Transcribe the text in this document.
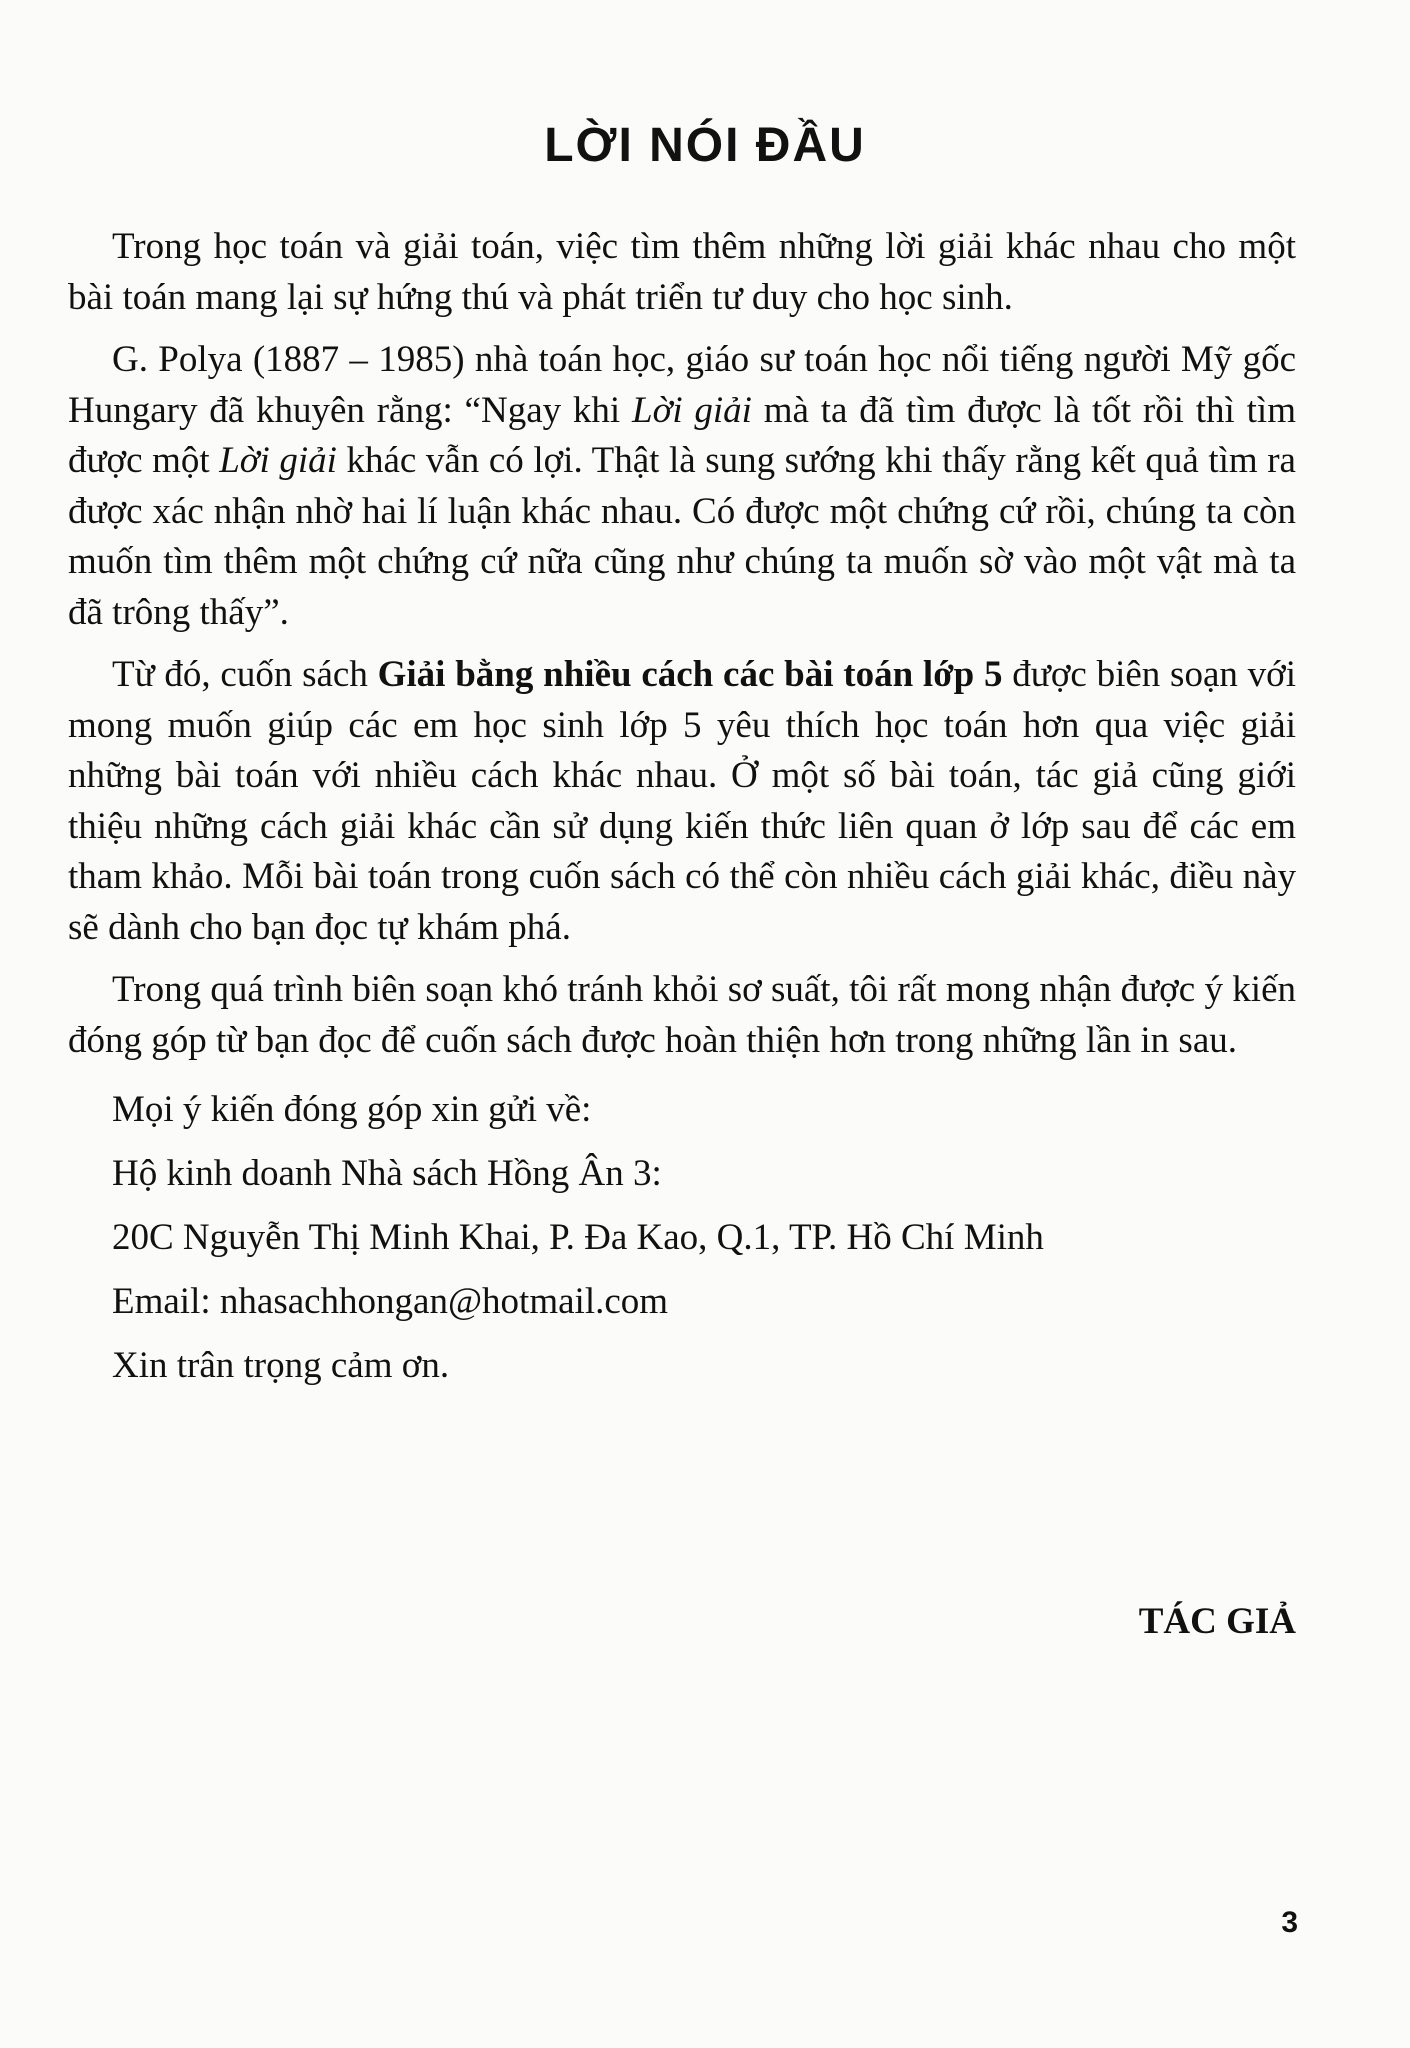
LỜI NÓI ĐẦU

Trong học toán và giải toán, việc tìm thêm những lời giải khác nhau cho một bài toán mang lại sự hứng thú và phát triển tư duy cho học sinh.

G. Polya (1887 – 1985) nhà toán học, giáo sư toán học nổi tiếng người Mỹ gốc Hungary đã khuyên rằng: “Ngay khi Lời giải mà ta đã tìm được là tốt rồi thì tìm được một Lời giải khác vẫn có lợi. Thật là sung sướng khi thấy rằng kết quả tìm ra được xác nhận nhờ hai lí luận khác nhau. Có được một chứng cứ rồi, chúng ta còn muốn tìm thêm một chứng cứ nữa cũng như chúng ta muốn sờ vào một vật mà ta đã trông thấy”.

Từ đó, cuốn sách Giải bằng nhiều cách các bài toán lớp 5 được biên soạn với mong muốn giúp các em học sinh lớp 5 yêu thích học toán hơn qua việc giải những bài toán với nhiều cách khác nhau. Ở một số bài toán, tác giả cũng giới thiệu những cách giải khác cần sử dụng kiến thức liên quan ở lớp sau để các em tham khảo. Mỗi bài toán trong cuốn sách có thể còn nhiều cách giải khác, điều này sẽ dành cho bạn đọc tự khám phá.

Trong quá trình biên soạn khó tránh khỏi sơ suất, tôi rất mong nhận được ý kiến đóng góp từ bạn đọc để cuốn sách được hoàn thiện hơn trong những lần in sau.

Mọi ý kiến đóng góp xin gửi về:
Hộ kinh doanh Nhà sách Hồng Ân 3:
20C Nguyễn Thị Minh Khai, P. Đa Kao, Q.1, TP. Hồ Chí Minh
Email: nhasachhongan@hotmail.com
Xin trân trọng cảm ơn.
TÁC GIẢ
3
